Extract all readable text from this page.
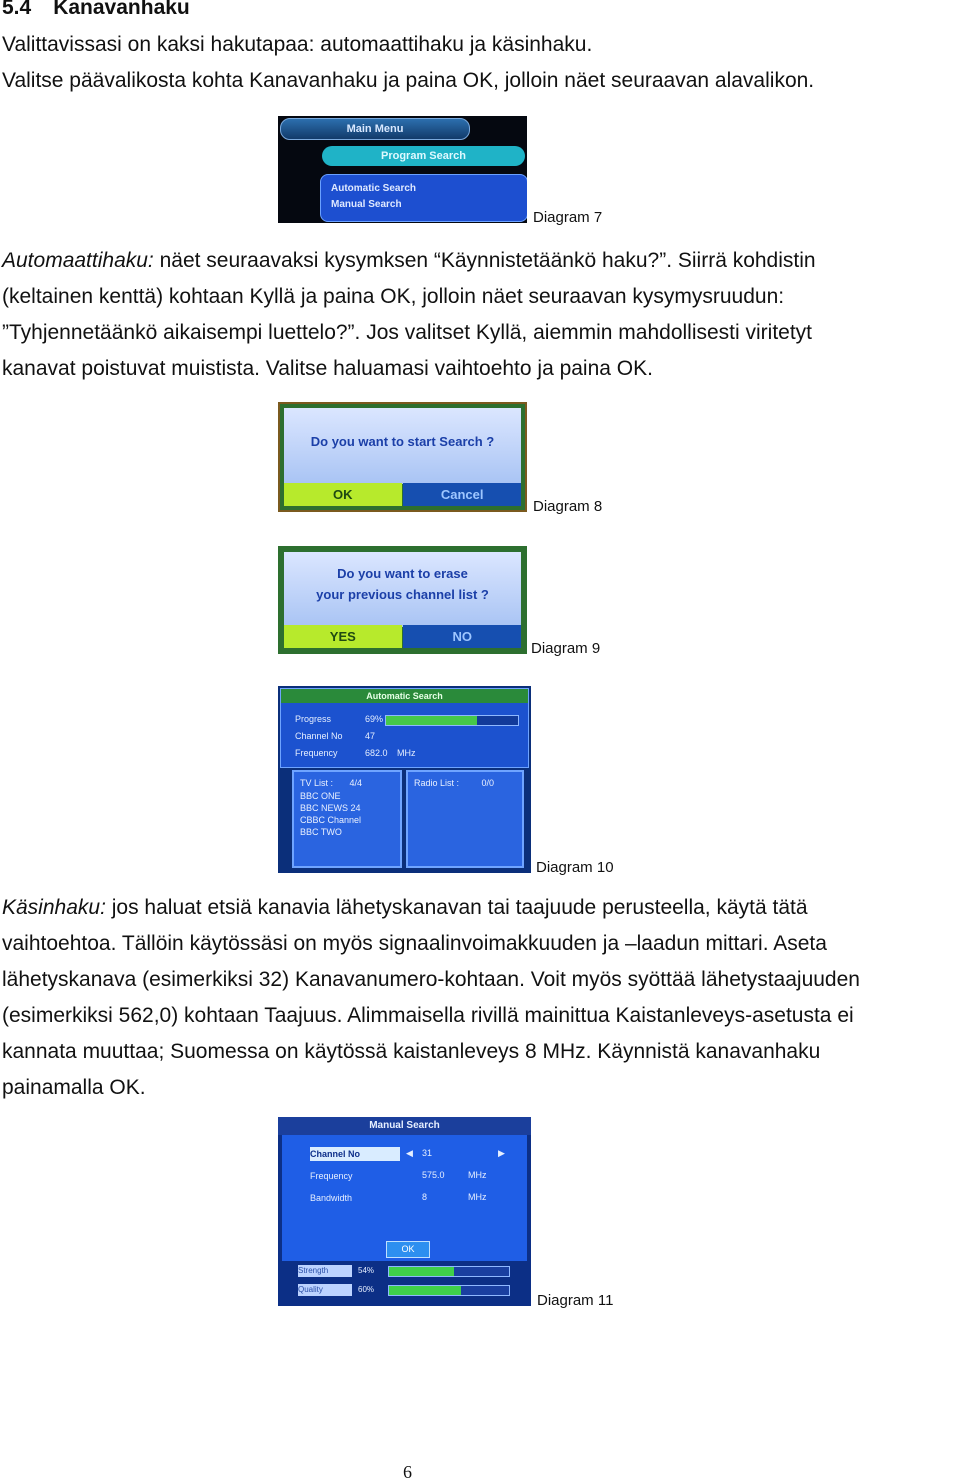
5.4 Kanavanhaku
Valittavissasi on kaksi hakutapaa: automaattihaku ja käsinhaku.
Valitse päävalikosta kohta Kanavanhaku ja paina OK, jolloin näet seuraavan alavalikon.
Main Menu
Program Search
Automatic Search
Manual Search
Diagram 7
Automaattihaku: näet seuraavaksi kysymksen “Käynnistetäänkö haku?”. Siirrä kohdistin
(keltainen kenttä) kohtaan Kyllä ja paina OK, jolloin näet seuraavan kysymysruudun:
”Tyhjennetäänkö aikaisempi luettelo?”. Jos valitset Kyllä, aiemmin mahdollisesti viritetyt
kanavat poistuvat muistista. Valitse haluamasi vaihtoehto ja paina OK.
Do you want to start Search ?
OK	Cancel
Diagram 8
Do you want to erase
your previous channel list ?
YES	NO
Diagram 9
Automatic Search
Progress	69%
Channel No 47
Frequency	682.0 MHz
TV List : 4/4
BBC ONE
BBC NEWS 24
CBBC Channel
BBC TWO
Radio List :	0/0
Diagram 10
Käsinhaku: jos haluat etsiä kanavia lähetyskanavan tai taajuude perusteella, käytä tätä
vaihtoehtoa. Tällöin käytössäsi on myös signaalinvoimakkuuden ja –laadun mittari. Aseta
lähetyskanava (esimerkiksi 32) Kanavanumero-kohtaan. Voit myös syöttää lähetystaajuuden
(esimerkiksi 562,0) kohtaan Taajuus. Alimmaisella rivillä mainittua Kaistanleveys-asetusta ei
kannata muuttaa; Suomessa on käytössä kaistanleveys 8 MHz. Käynnistä kanavanhaku
painamalla OK.
Manual Search
Channel No	◀ 31	▶
Frequency	575.0	MHz
Bandwidth	8	MHz
OK
Strength	54%
Quality	60%
Diagram 11
6
